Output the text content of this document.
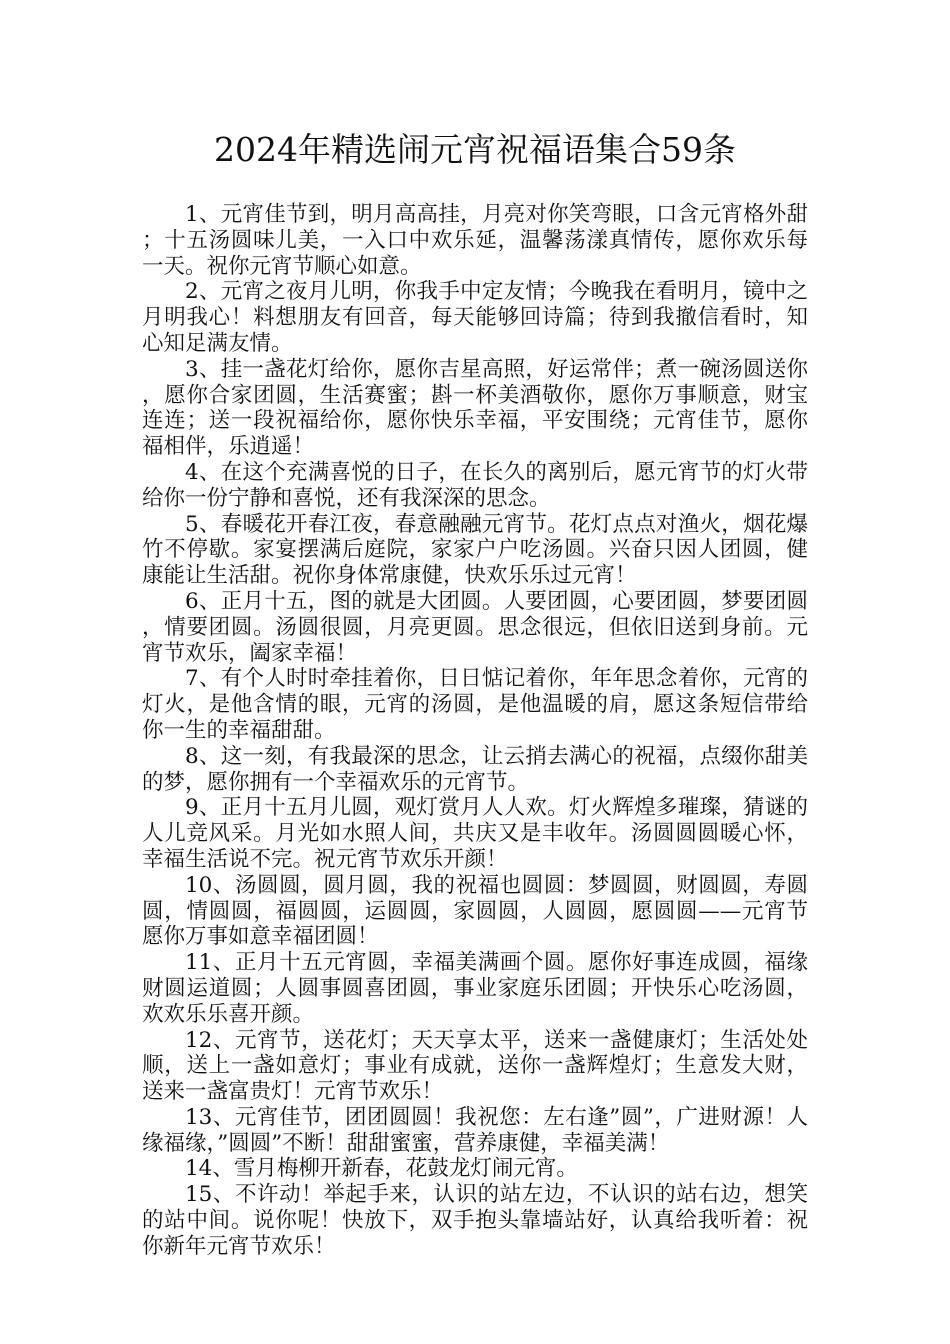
2024年精选闹元宵祝福语集合59条

1、元宵佳节到，明月高高挂，月亮对你笑弯眼，口含元宵格外甜；十五汤圆味儿美，一入口中欢乐延，温馨荡漾真情传，愿你欢乐每一天。祝你元宵节顺心如意。

2、元宵之夜月儿明，你我手中定友情；今晚我在看明月，镜中之月明我心！料想朋友有回音，每天能够回诗篇；待到我撤信看时，知心知足满友情。

3、挂一盏花灯给你，愿你吉星高照，好运常伴；煮一碗汤圆送你，愿你合家团圆，生活赛蜜；斟一杯美酒敬你，愿你万事顺意，财宝连连；送一段祝福给你，愿你快乐幸福，平安围绕；元宵佳节，愿你福相伴，乐逍遥！

4、在这个充满喜悦的日子，在长久的离别后，愿元宵节的灯火带给你一份宁静和喜悦，还有我深深的思念。

5、春暖花开春江夜，春意融融元宵节。花灯点点对渔火，烟花爆竹不停歇。家宴摆满后庭院，家家户户吃汤圆。兴奋只因人团圆，健康能让生活甜。祝你身体常康健，快欢乐乐过元宵！

6、正月十五，图的就是大团圆。人要团圆，心要团圆，梦要团圆，情要团圆。汤圆很圆，月亮更圆。思念很远，但依旧送到身前。元宵节欢乐，阖家幸福！

7、有个人时时牵挂着你，日日惦记着你，年年思念着你，元宵的灯火，是他含情的眼，元宵的汤圆，是他温暖的肩，愿这条短信带给你一生的幸福甜甜。

8、这一刻，有我最深的思念，让云捎去满心的祝福，点缀你甜美的梦，愿你拥有一个幸福欢乐的元宵节。

9、正月十五月儿圆，观灯赏月人人欢。灯火辉煌多璀璨，猜谜的人儿竞风采。月光如水照人间，共庆又是丰收年。汤圆圆圆暖心怀，幸福生活说不完。祝元宵节欢乐开颜！

10、汤圆圆，圆月圆，我的祝福也圆圆：梦圆圆，财圆圆，寿圆圆，情圆圆，福圆圆，运圆圆，家圆圆，人圆圆，愿圆圆——元宵节愿你万事如意幸福团圆！

11、正月十五元宵圆，幸福美满画个圆。愿你好事连成圆，福缘财圆运道圆；人圆事圆喜团圆，事业家庭乐团圆；开快乐心吃汤圆，欢欢乐乐喜开颜。

12、元宵节，送花灯；天天享太平，送来一盏健康灯；生活处处顺，送上一盏如意灯；事业有成就，送你一盏辉煌灯；生意发大财，送来一盏富贵灯！元宵节欢乐！

13、元宵佳节，团团圆圆！我祝您：左右逢”圆”，广进财源！人缘福缘，”圆圆”不断！甜甜蜜蜜，营养康健，幸福美满！

14、雪月梅柳开新春，花鼓龙灯闹元宵。

15、不许动！举起手来，认识的站左边，不认识的站右边，想笑的站中间。说你呢！快放下，双手抱头靠墙站好，认真给我听着：祝你新年元宵节欢乐！
